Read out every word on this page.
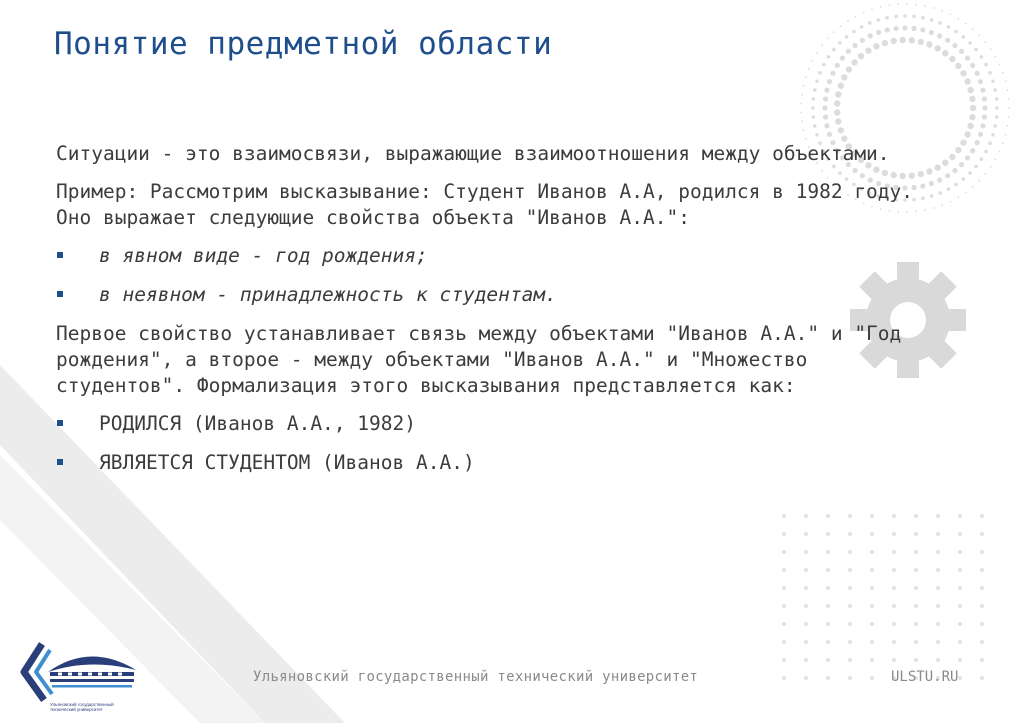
Понятие предметной области

Ситуации - это взаимосвязи, выражающие взаимоотношения между объектами.

Пример: Рассмотрим высказывание: Студент Иванов А.А, родился в 1982 году. Оно выражает следующие свойства объекта "Иванов А.А.":

в явном виде - год рождения;
в неявном - принадлежность к студентам.

Первое свойство устанавливает связь между объектами "Иванов А.А." и "Год рождения", а второе - между объектами "Иванов А.А." и "Множество студентов". Формализация этого высказывания представляется как:

РОДИЛСЯ (Иванов А.А., 1982)
ЯВЛЯЕТСЯ СТУДЕНТОМ (Иванов А.А.)
Ульяновский государственный технический университет
Ульяновский государственный технический университет	ULSTU.RU
